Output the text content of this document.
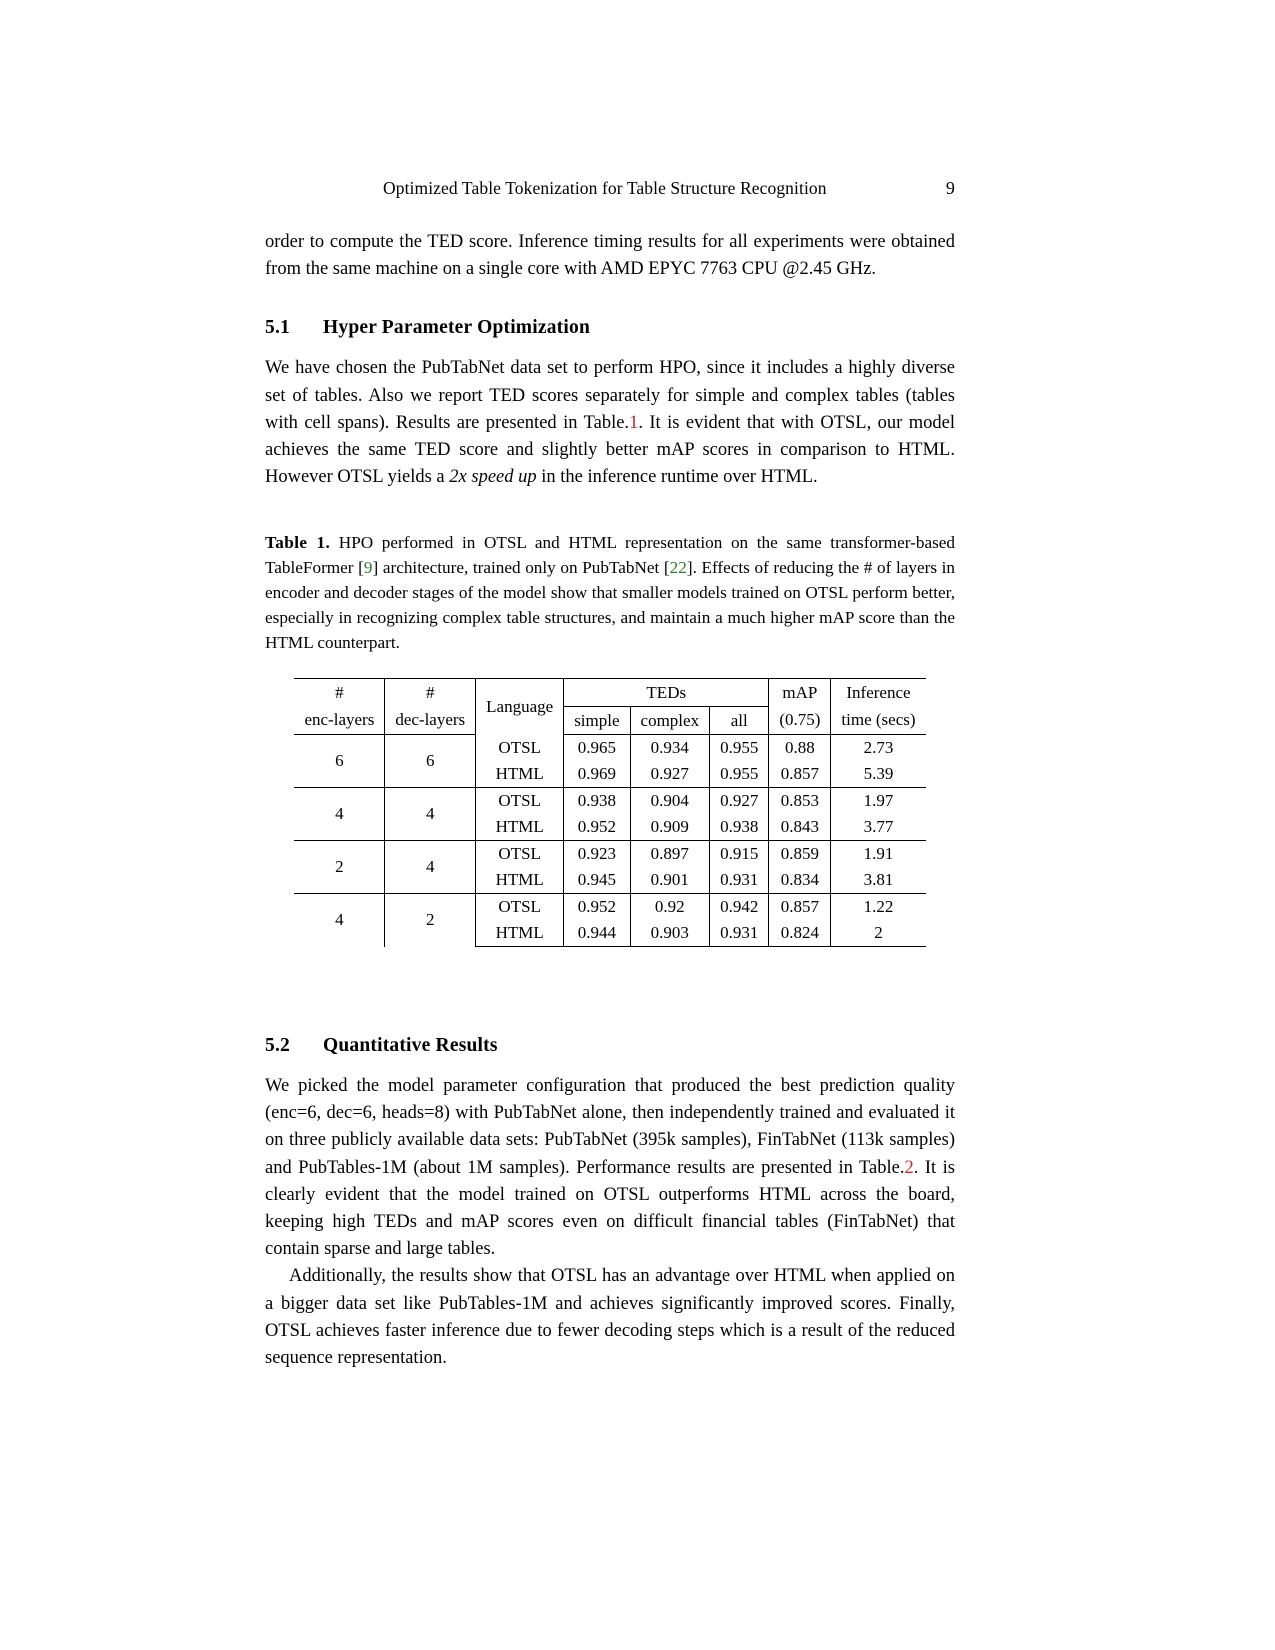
Optimized Table Tokenization for Table Structure Recognition	9

order to compute the TED score. Inference timing results for all experiments were obtained from the same machine on a single core with AMD EPYC 7763 CPU @2.45 GHz.

5.1 Hyper Parameter Optimization

We have chosen the PubTabNet data set to perform HPO, since it includes a highly diverse set of tables. Also we report TED scores separately for simple and complex tables (tables with cell spans). Results are presented in Table.1. It is evident that with OTSL, our model achieves the same TED score and slightly better mAP scores in comparison to HTML. However OTSL yields a 2x speed up in the inference runtime over HTML.

Table 1. HPO performed in OTSL and HTML representation on the same transformer-based TableFormer [9] architecture, trained only on PubTabNet [22]. Effects of reducing the # of layers in encoder and decoder stages of the model show that smaller models trained on OTSL perform better, especially in recognizing complex table structures, and maintain a much higher mAP score than the HTML counterpart.
#	#	Language	TEDs			mAP	Inference
enc-layers	dec-layers		simple	complex	all	(0.75)	time (secs)
6	6	OTSL	0.965	0.934	0.955	0.88	2.73
		HTML	0.969	0.927	0.955	0.857	5.39
4	4	OTSL	0.938	0.904	0.927	0.853	1.97
		HTML	0.952	0.909	0.938	0.843	3.77
2	4	OTSL	0.923	0.897	0.915	0.859	1.91
		HTML	0.945	0.901	0.931	0.834	3.81
4	2	OTSL	0.952	0.92	0.942	0.857	1.22
		HTML	0.944	0.903	0.931	0.824	2
5.2 Quantitative Results

We picked the model parameter configuration that produced the best prediction quality (enc=6, dec=6, heads=8) with PubTabNet alone, then independently trained and evaluated it on three publicly available data sets: PubTabNet (395k samples), FinTabNet (113k samples) and PubTables-1M (about 1M samples). Performance results are presented in Table.2. It is clearly evident that the model trained on OTSL outperforms HTML across the board, keeping high TEDs and mAP scores even on difficult financial tables (FinTabNet) that contain sparse and large tables.

Additionally, the results show that OTSL has an advantage over HTML when applied on a bigger data set like PubTables-1M and achieves significantly improved scores. Finally, OTSL achieves faster inference due to fewer decoding steps which is a result of the reduced sequence representation.
